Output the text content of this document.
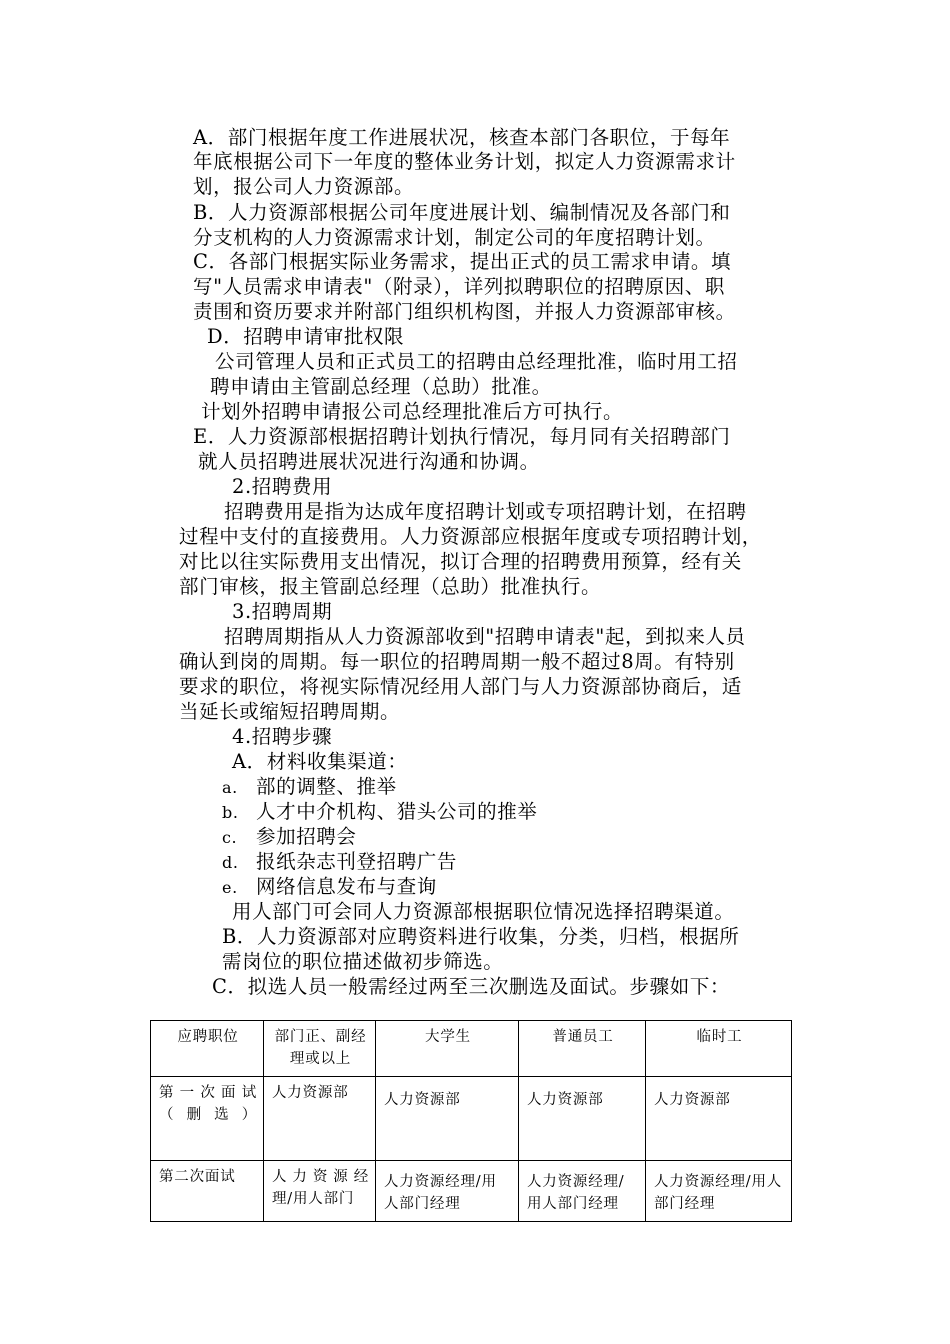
A．部门根据年度工作进展状况，核查本部门各职位，于每年
年底根据公司下一年度的整体业务计划，拟定人力资源需求计
划，报公司人力资源部。
B．人力资源部根据公司年度进展计划、编制情况及各部门和
分支机构的人力资源需求计划，制定公司的年度招聘计划。
C．各部门根据实际业务需求，提出正式的员工需求申请。填
写"人员需求申请表"（附录），详列拟聘职位的招聘原因、职
责围和资历要求并附部门组织机构图，并报人力资源部审核。
D．招聘申请审批权限
公司管理人员和正式员工的招聘由总经理批准，临时用工招
聘申请由主管副总经理（总助）批准。
计划外招聘申请报公司总经理批准后方可执行。
E．人力资源部根据招聘计划执行情况，每月同有关招聘部门
就人员招聘进展状况进行沟通和协调。
2.招聘费用
招聘费用是指为达成年度招聘计划或专项招聘计划，在招聘
过程中支付的直接费用。人力资源部应根据年度或专项招聘计划，
对比以往实际费用支出情况，拟订合理的招聘费用预算，经有关
部门审核，报主管副总经理（总助）批准执行。
3.招聘周期
招聘周期指从人力资源部收到"招聘申请表"起，到拟来人员
确认到岗的周期。每一职位的招聘周期一般不超过8周。有特别
要求的职位，将视实际情况经用人部门与人力资源部协商后，适
当延长或缩短招聘周期。
4.招聘步骤
A．材料收集渠道：
a. 部的调整、推举
b. 人才中介机构、猎头公司的推举
c. 参加招聘会
d. 报纸杂志刊登招聘广告
e. 网络信息发布与查询
用人部门可会同人力资源部根据职位情况选择招聘渠道。
B．人力资源部对应聘资料进行收集，分类，归档，根据所
需岗位的职位描述做初步筛选。
C．拟选人员一般需经过两至三次删选及面试。步骤如下：
应聘职位	部门正、副经理或以上	大学生	普通员工	临时工
第一次面试（删选）	人力资源部	人力资源部	人力资源部	人力资源部
第二次面试	人力资源经理/用人部门	人力资源经理/用人部门经理	人力资源经理/用人部门经理	人力资源经理/用人部门经理
